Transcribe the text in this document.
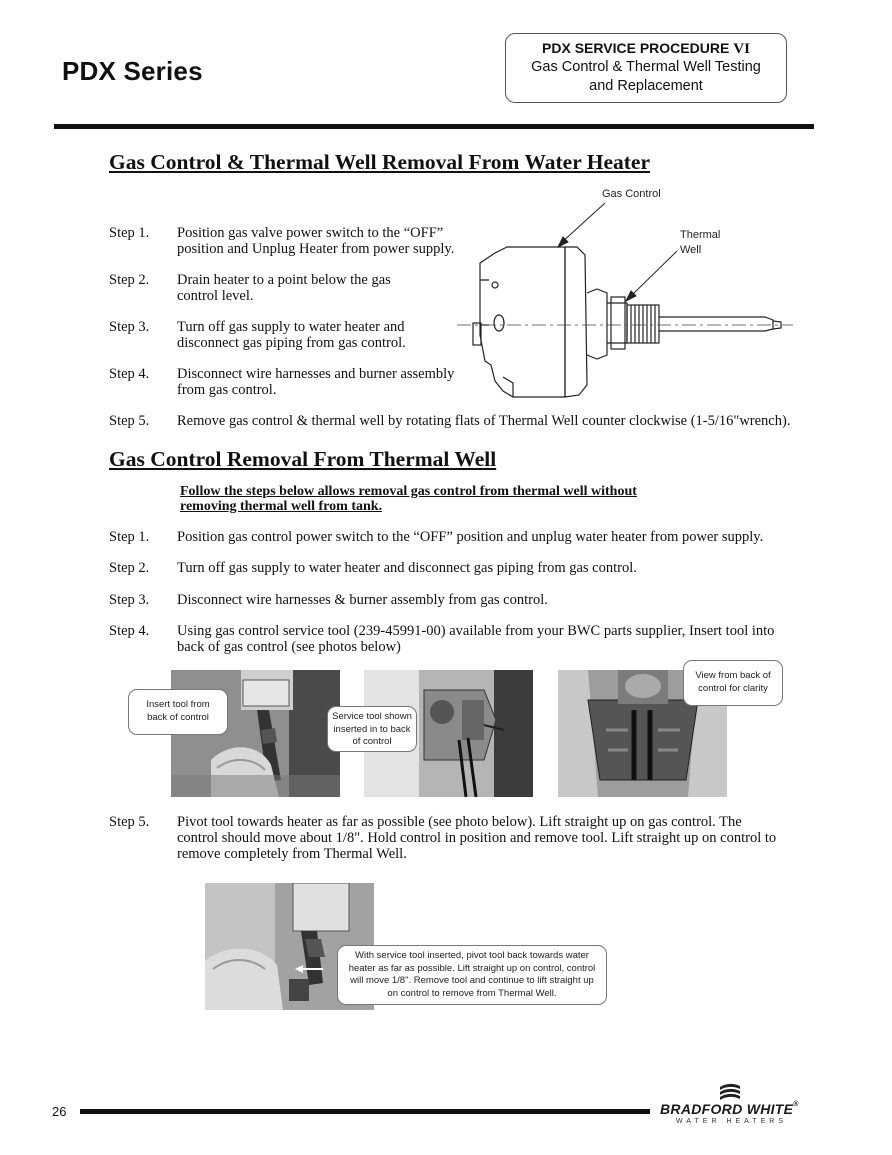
PDX Series
PDX SERVICE PROCEDURE VI
Gas Control & Thermal Well Testing
and Replacement
Gas Control & Thermal Well Removal From Water Heater
Step 1. Position gas valve power switch to the “OFF”
position and Unplug Heater from power supply.
Step 2. Drain heater to a point below the gas
control level.
Step 3. Turn off gas supply to water heater and
disconnect gas piping from gas control.
Step 4. Disconnect wire harnesses and burner assembly
from gas control.
Step 5. Remove gas control & thermal well by rotating flats of Thermal Well counter clockwise (1-5/16"wrench).
Gas Control
Thermal
Well
Gas Control Removal From Thermal Well
Follow the steps below allows removal gas control from thermal well without
removing thermal well from tank.
Step 1. Position gas control power switch to the “OFF” position and unplug water heater from power supply.
Step 2. Turn off gas supply to water heater and disconnect gas piping from gas control.
Step 3. Disconnect wire harnesses & burner assembly from gas control.
Step 4. Using gas control service tool (239-45991-00) available from your BWC parts supplier, Insert tool into
back of gas control (see photos below)
Insert tool from
back of control	Service tool shown
inserted in to back
of control
View from back of
control for clarity
Step 5. Pivot tool towards heater as far as possible (see photo below). Lift straight up on gas control. The
control should move about 1/8". Hold control in position and remove tool. Lift straight up on control to
remove completely from Thermal Well.
With service tool inserted, pivot tool back towards water
heater as far as possible. Lift straight up on control, control
will move 1/8". Remove tool and continue to lift straight up
on control to remove from Thermal Well.
26	BRADFORD WHITE®
WATER HEATERS
